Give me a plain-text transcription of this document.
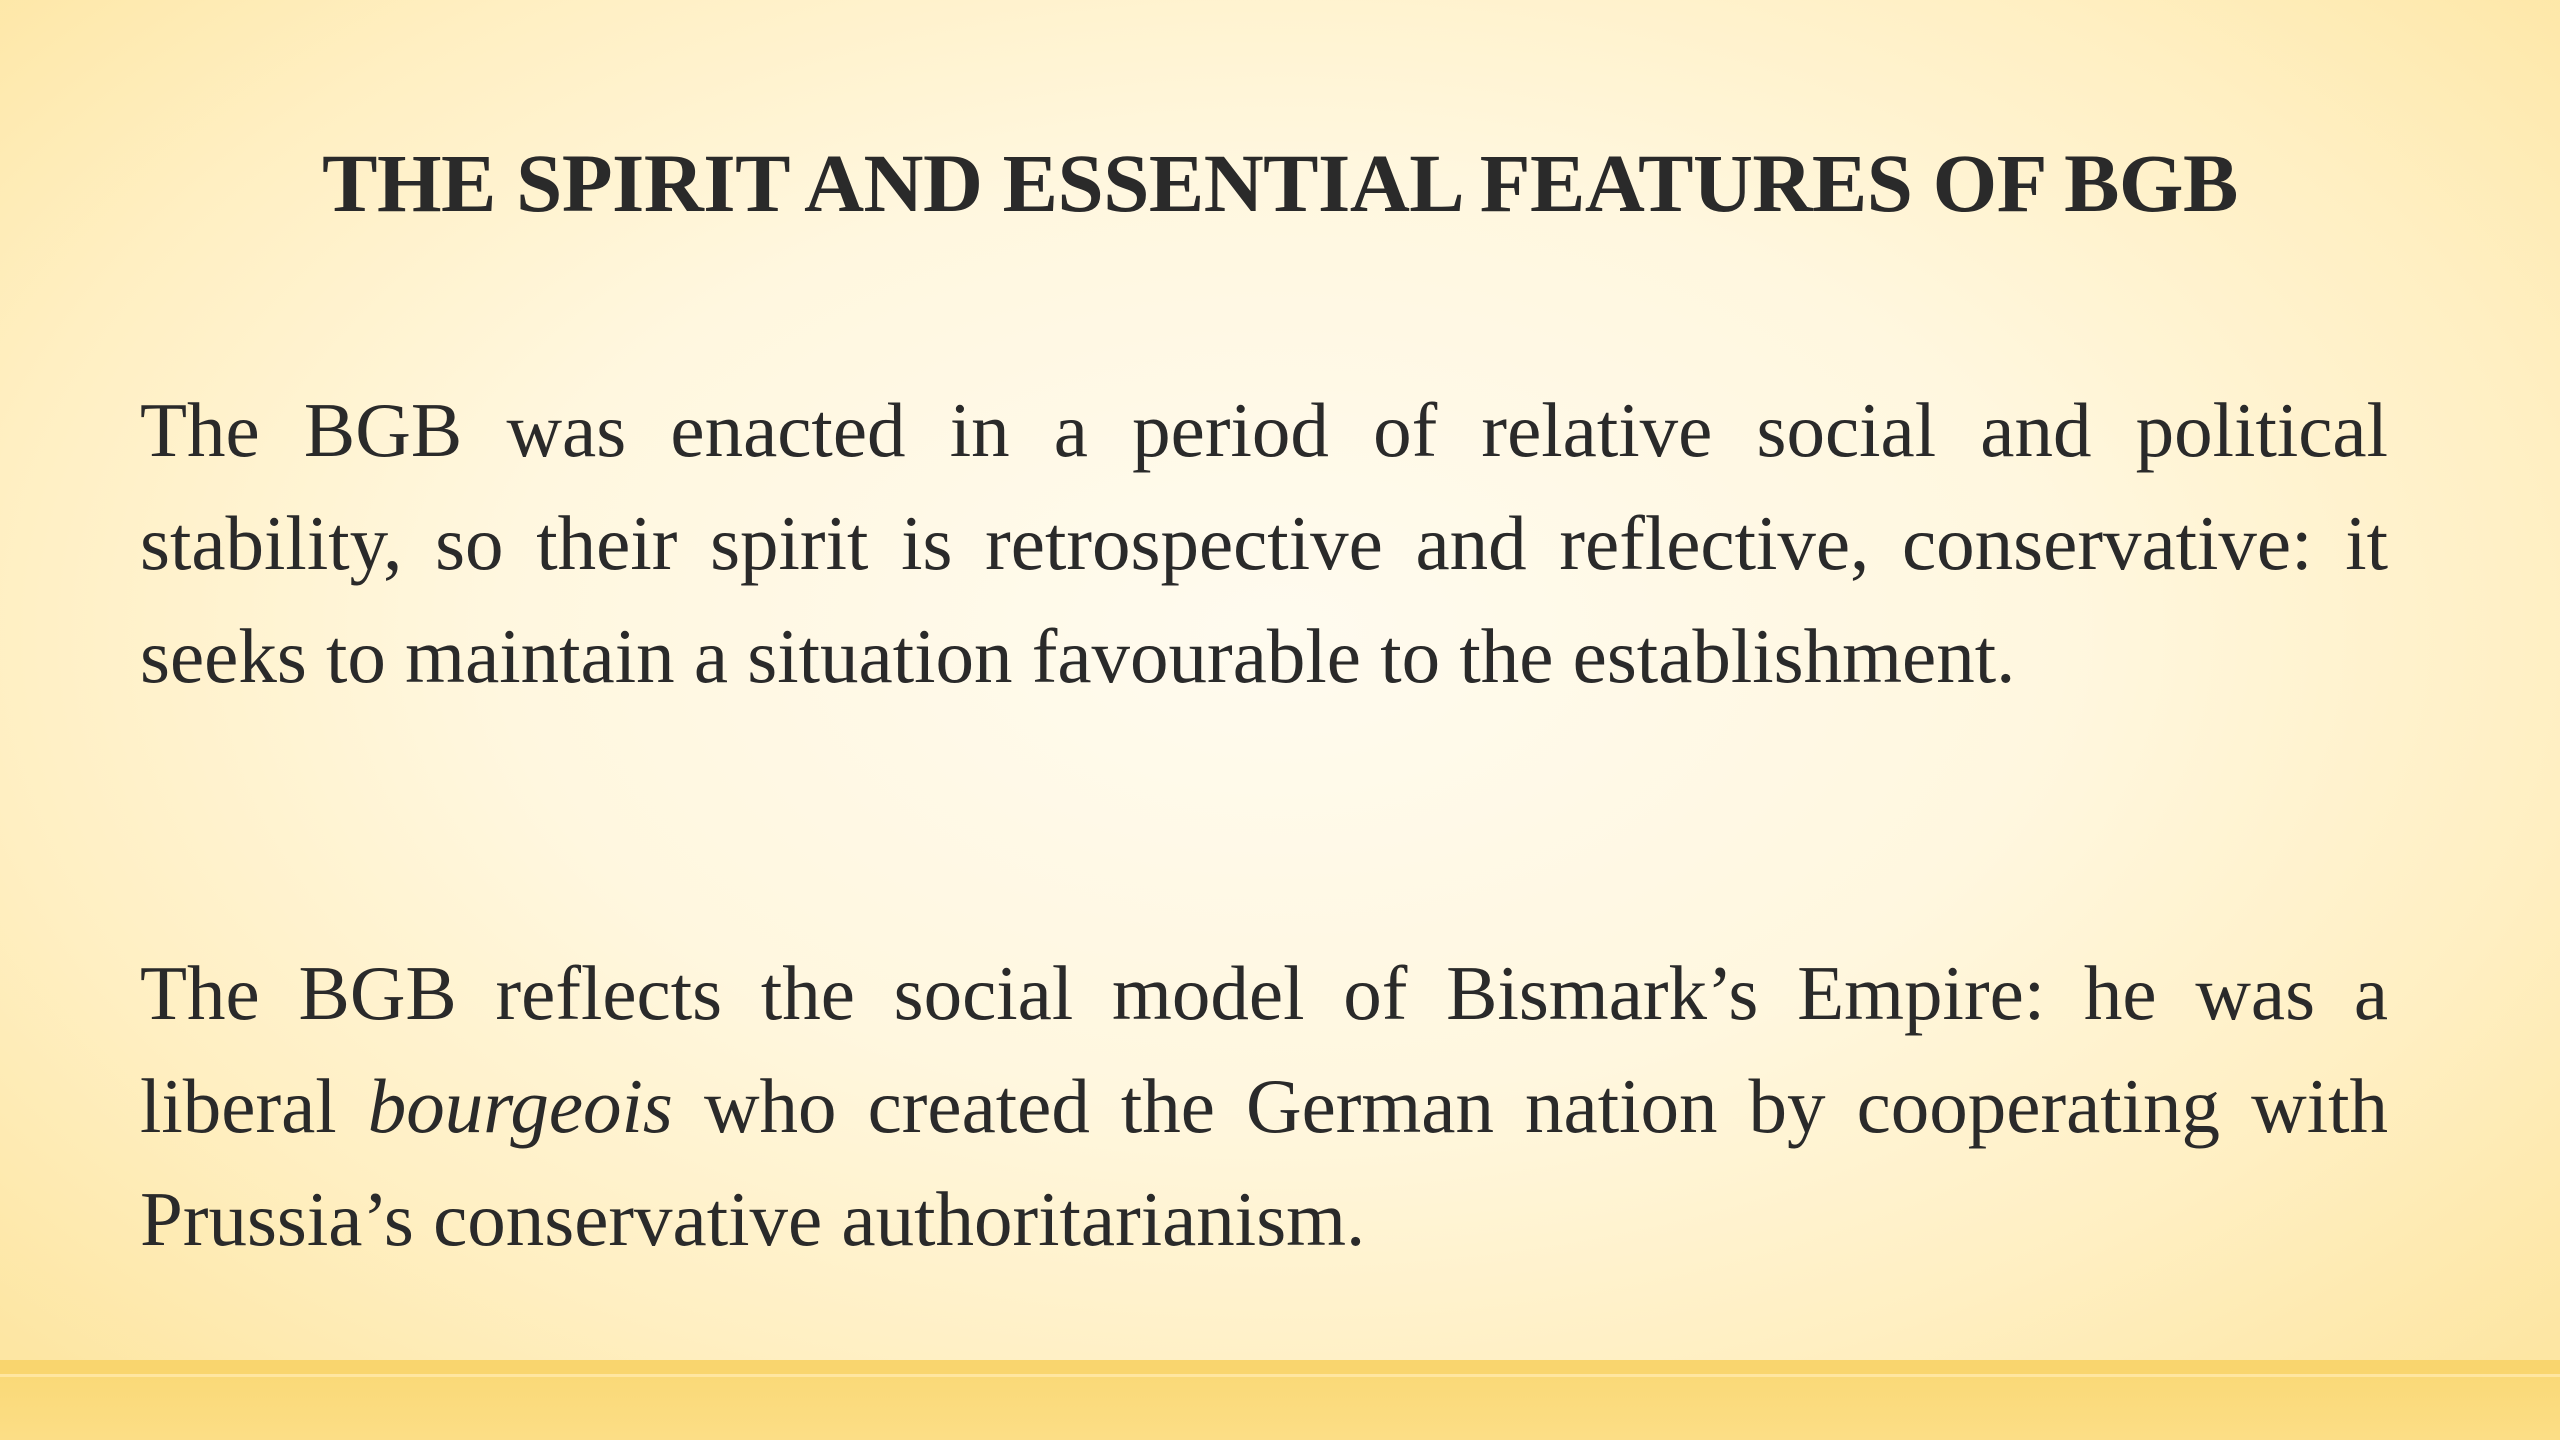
THE SPIRIT AND ESSENTIAL FEATURES OF BGB

The BGB was enacted in a period of relative social and political stability, so their spirit is retrospective and reflective, conservative: it seeks to maintain a situation favourable to the establishment.

The BGB reflects the social model of Bismark’s Empire: he was a liberal bourgeois who created the German nation by cooperating with Prussia’s conservative authoritarianism.
